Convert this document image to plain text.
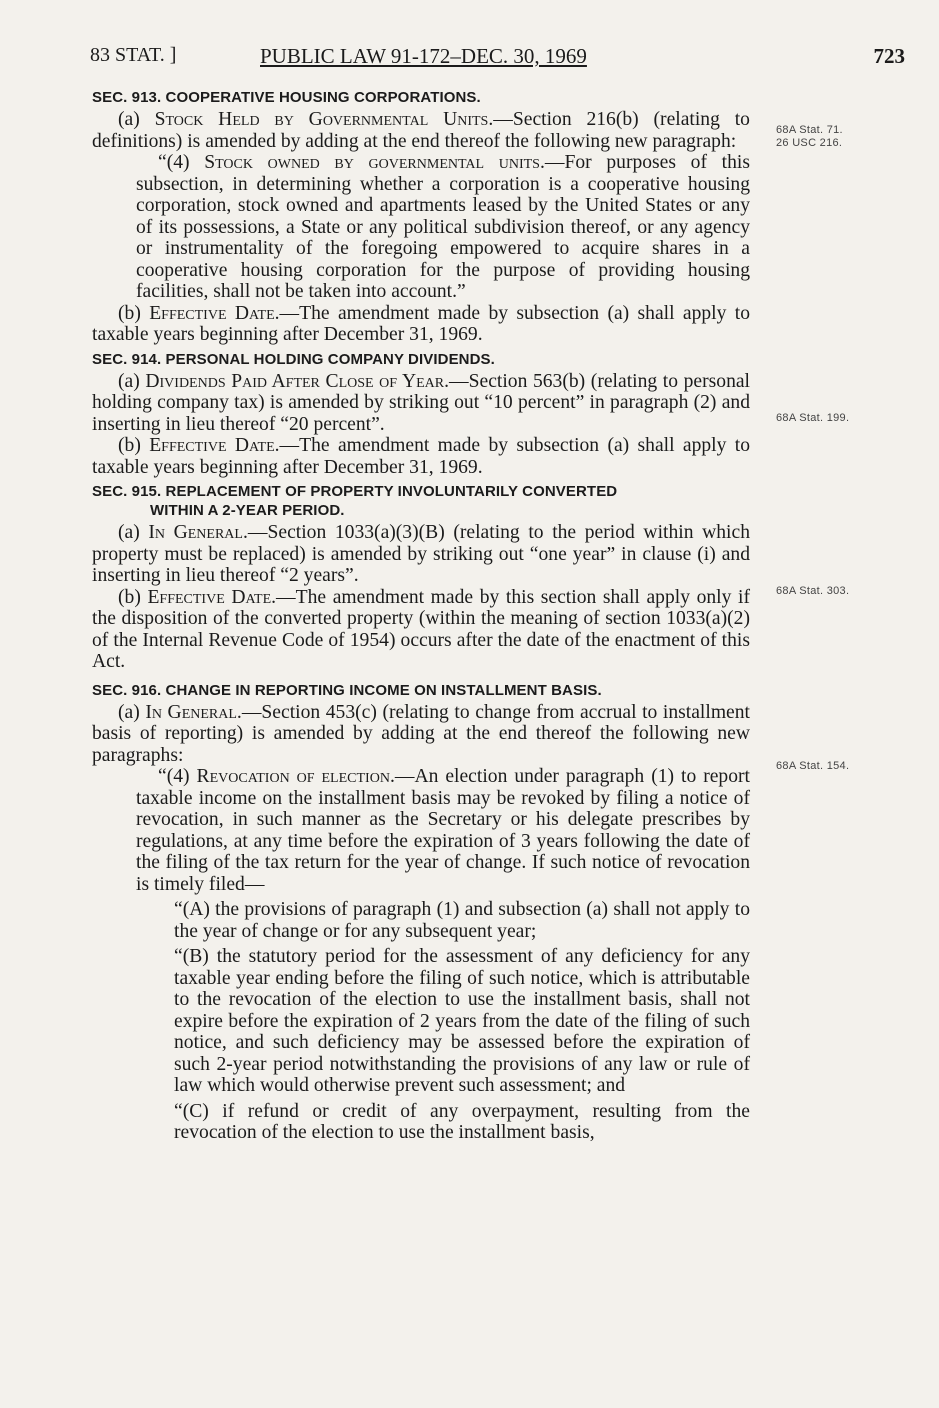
83 STAT. ]	PUBLIC LAW 91-172–DEC. 30, 1969	723
68A Stat. 71.
26 USC 216.
68A Stat. 199.
68A Stat. 303.
68A Stat. 154.
SEC. 913. COOPERATIVE HOUSING CORPORATIONS.

(a) Stock Held by Governmental Units.—Section 216(b) (relating to definitions) is amended by adding at the end thereof the following new paragraph:

“(4) Stock owned by governmental units.—For purposes of this subsection, in determining whether a corporation is a cooperative housing corporation, stock owned and apartments leased by the United States or any of its possessions, a State or any political subdivision thereof, or any agency or instrumentality of the foregoing empowered to acquire shares in a cooperative housing corporation for the purpose of providing housing facilities, shall not be taken into account.”

(b) Effective Date.—The amendment made by subsection (a) shall apply to taxable years beginning after December 31, 1969.

SEC. 914. PERSONAL HOLDING COMPANY DIVIDENDS.

(a) Dividends Paid After Close of Year.—Section 563(b) (relating to personal holding company tax) is amended by striking out “10 percent” in paragraph (2) and inserting in lieu thereof “20 percent”.

(b) Effective Date.—The amendment made by subsection (a) shall apply to taxable years beginning after December 31, 1969.

SEC. 915. REPLACEMENT OF PROPERTY INVOLUNTARILY CONVERTED
WITHIN A 2-YEAR PERIOD.

(a) In General.—Section 1033(a)(3)(B) (relating to the period within which property must be replaced) is amended by striking out “one year” in clause (i) and inserting in lieu thereof “2 years”.

(b) Effective Date.—The amendment made by this section shall apply only if the disposition of the converted property (within the meaning of section 1033(a)(2) of the Internal Revenue Code of 1954) occurs after the date of the enactment of this Act.

SEC. 916. CHANGE IN REPORTING INCOME ON INSTALLMENT BASIS.

(a) In General.—Section 453(c) (relating to change from accrual to installment basis of reporting) is amended by adding at the end thereof the following new paragraphs:

“(4) Revocation of election.—An election under paragraph (1) to report taxable income on the installment basis may be revoked by filing a notice of revocation, in such manner as the Secretary or his delegate prescribes by regulations, at any time before the expiration of 3 years following the date of the filing of the tax return for the year of change. If such notice of revocation is timely filed—

“(A) the provisions of paragraph (1) and subsection (a) shall not apply to the year of change or for any subsequent year;

“(B) the statutory period for the assessment of any deficiency for any taxable year ending before the filing of such notice, which is attributable to the revocation of the election to use the installment basis, shall not expire before the expiration of 2 years from the date of the filing of such notice, and such deficiency may be assessed before the expiration of such 2-year period notwithstanding the provisions of any law or rule of law which would otherwise prevent such assessment; and

“(C) if refund or credit of any overpayment, resulting from the revocation of the election to use the installment basis,
